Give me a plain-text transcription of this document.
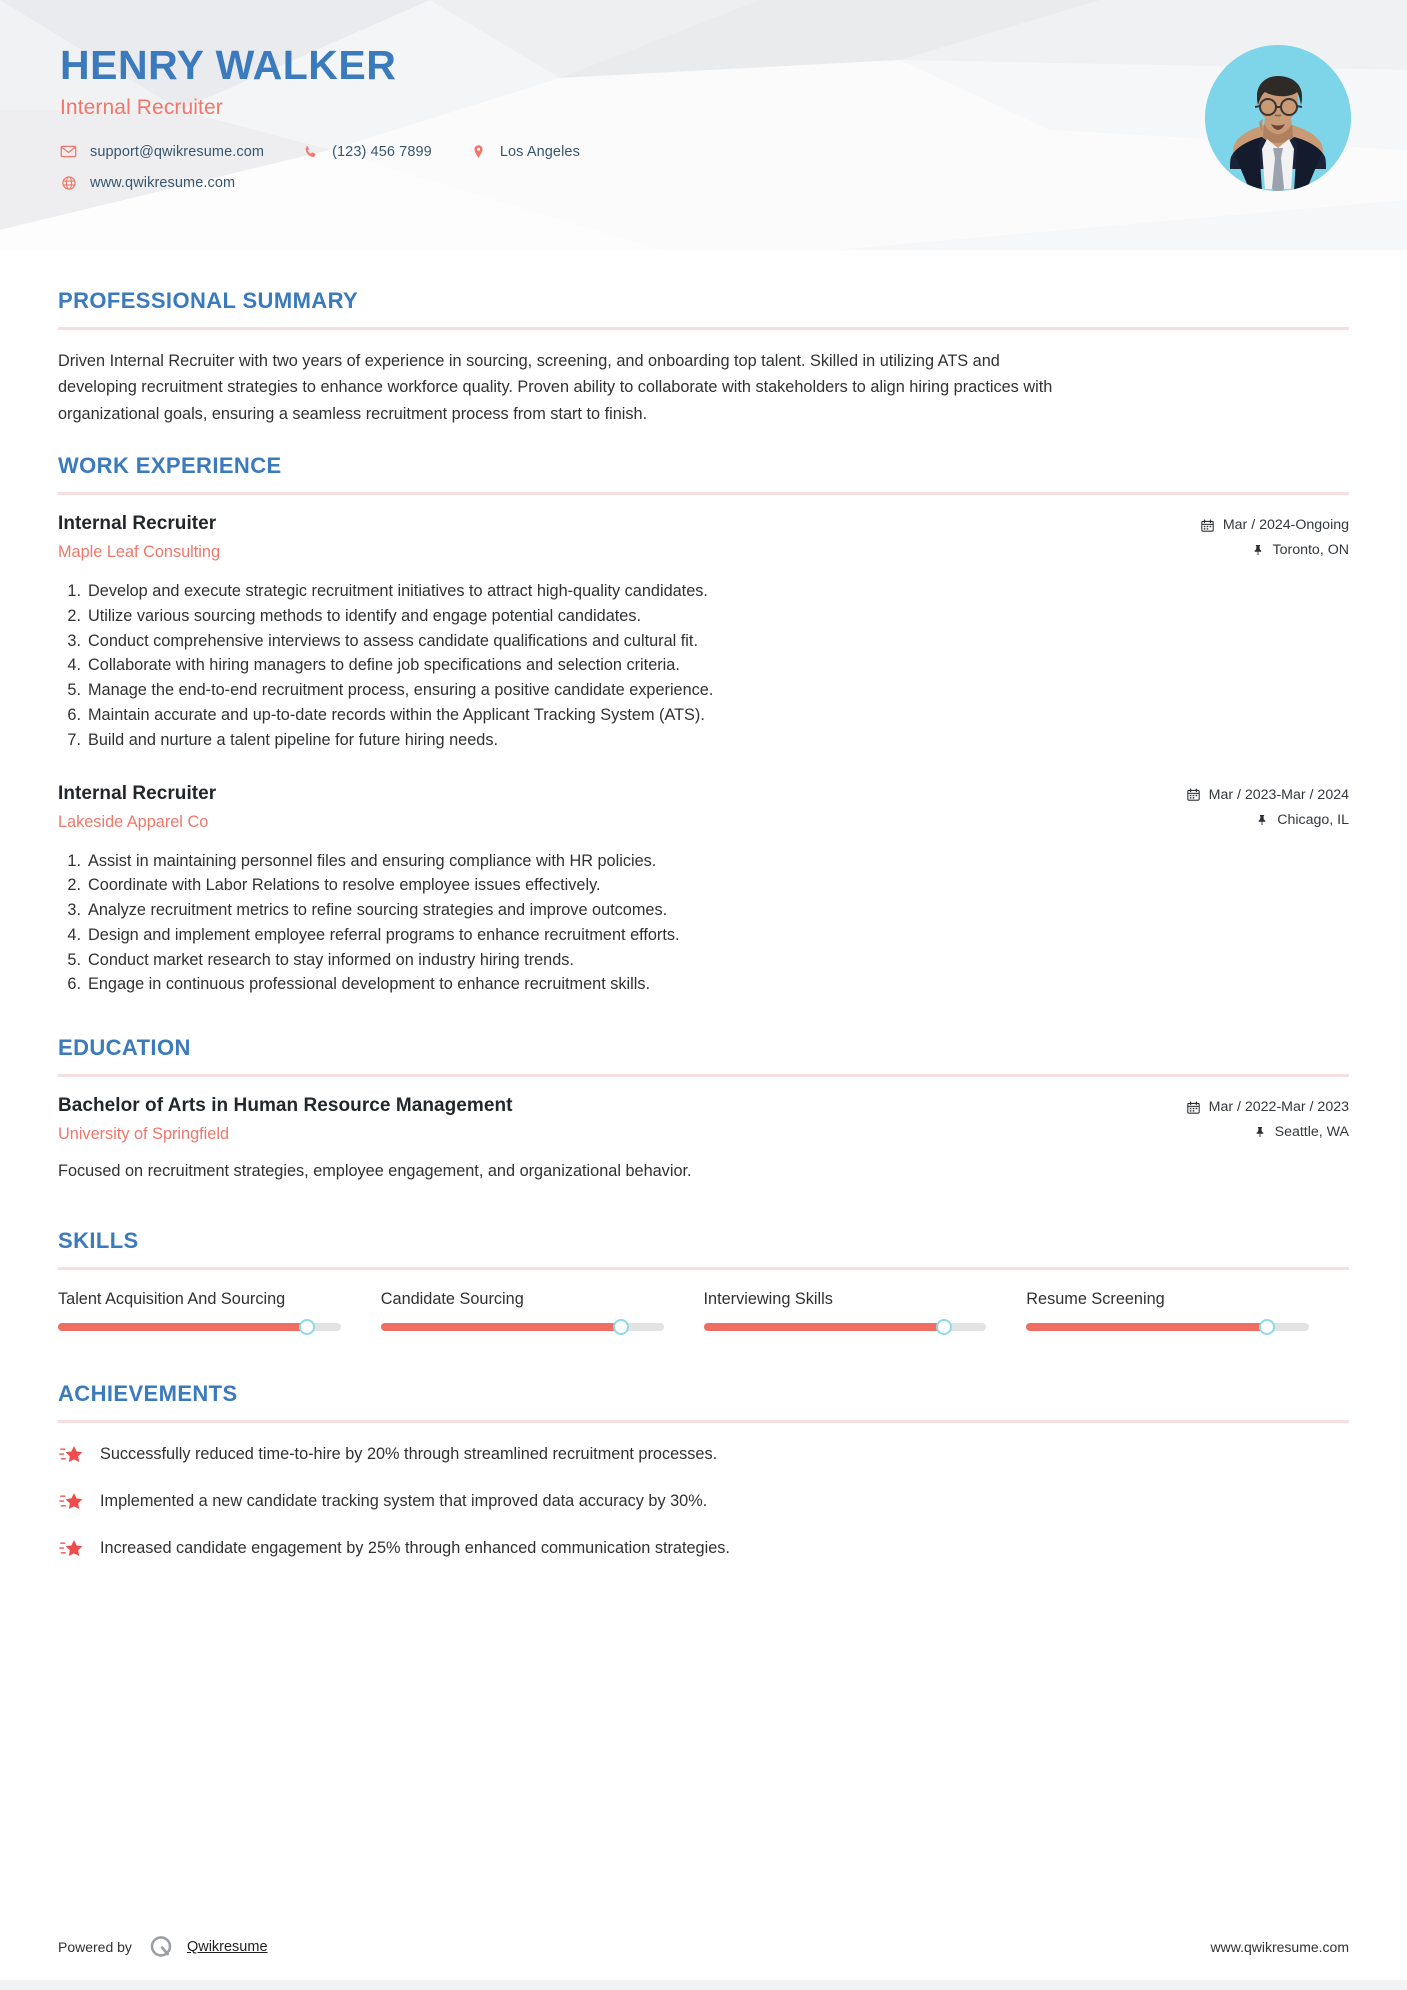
HENRY WALKER
Internal Recruiter
support@qwikresume.com	(123) 456 7899	Los Angeles
www.qwikresume.com
PROFESSIONAL SUMMARY

Driven Internal Recruiter with two years of experience in sourcing, screening, and onboarding top talent. Skilled in utilizing ATS and developing recruitment strategies to enhance workforce quality. Proven ability to collaborate with stakeholders to align hiring practices with organizational goals, ensuring a seamless recruitment process from start to finish.

WORK EXPERIENCE
Internal Recruiter
Maple Leaf Consulting
Mar / 2024-Ongoing
Toronto, ON
1. Develop and execute strategic recruitment initiatives to attract high-quality candidates.
2. Utilize various sourcing methods to identify and engage potential candidates.
3. Conduct comprehensive interviews to assess candidate qualifications and cultural fit.
4. Collaborate with hiring managers to define job specifications and selection criteria.
5. Manage the end-to-end recruitment process, ensuring a positive candidate experience.
6. Maintain accurate and up-to-date records within the Applicant Tracking System (ATS).
7. Build and nurture a talent pipeline for future hiring needs.
Internal Recruiter
Lakeside Apparel Co
Mar / 2023-Mar / 2024
Chicago, IL
1. Assist in maintaining personnel files and ensuring compliance with HR policies.
2. Coordinate with Labor Relations to resolve employee issues effectively.
3. Analyze recruitment metrics to refine sourcing strategies and improve outcomes.
4. Design and implement employee referral programs to enhance recruitment efforts.
5. Conduct market research to stay informed on industry hiring trends.
6. Engage in continuous professional development to enhance recruitment skills.
EDUCATION
Bachelor of Arts in Human Resource Management
University of Springfield
Mar / 2022-Mar / 2023
Seattle, WA

Focused on recruitment strategies, employee engagement, and organizational behavior.

SKILLS
Talent Acquisition And Sourcing	Candidate Sourcing	Interviewing Skills	Resume Screening
ACHIEVEMENTS
Successfully reduced time-to-hire by 20% through streamlined recruitment processes.
Implemented a new candidate tracking system that improved data accuracy by 30%.
Increased candidate engagement by 25% through enhanced communication strategies.
Powered by	Qwikresume	www.qwikresume.com
